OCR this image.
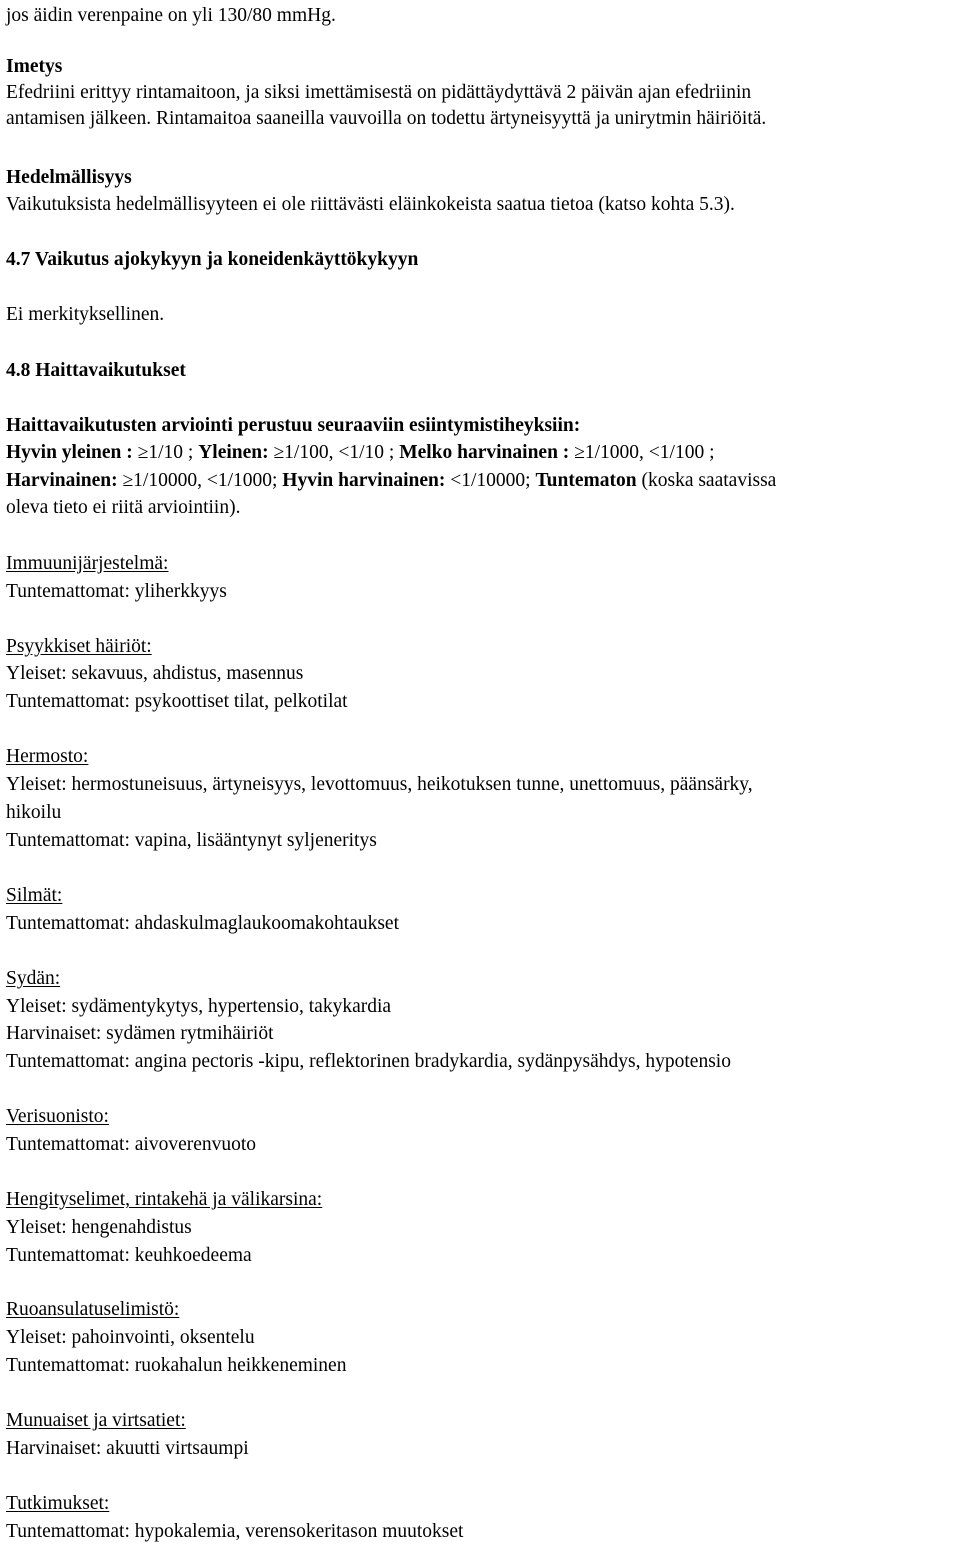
jos äidin verenpaine on yli 130/80 mmHg.
Imetys
Efedriini erittyy rintamaitoon, ja siksi imettämisestä on pidättäydyttävä 2 päivän ajan efedriinin
antamisen jälkeen. Rintamaitoa saaneilla vauvoilla on todettu ärtyneisyyttä ja unirytmin häiriöitä.
Hedelmällisyys
Vaikutuksista hedelmällisyyteen ei ole riittävästi eläinkokeista saatua tietoa (katso kohta 5.3).
4.7 Vaikutus ajokykyyn ja koneidenkäyttökykyyn
Ei merkityksellinen.
4.8 Haittavaikutukset
Haittavaikutusten arviointi perustuu seuraaviin esiintymistiheyksiin:
Hyvin yleinen : ≥1/10 ; Yleinen: ≥1/100, <1/10 ; Melko harvinainen : ≥1/1000, <1/100 ;
Harvinainen: ≥1/10000, <1/1000; Hyvin harvinainen: <1/10000; Tuntematon (koska saatavissa
oleva tieto ei riitä arviointiin).
Immuunijärjestelmä:
Tuntemattomat: yliherkkyys
Psyykkiset häiriöt:
Yleiset: sekavuus, ahdistus, masennus
Tuntemattomat: psykoottiset tilat, pelkotilat
Hermosto:
Yleiset: hermostuneisuus, ärtyneisyys, levottomuus, heikotuksen tunne, unettomuus, päänsärky,
hikoilu
Tuntemattomat: vapina, lisääntynyt syljeneritys
Silmät:
Tuntemattomat: ahdaskulmaglaukoomakohtaukset
Sydän:
Yleiset: sydämentykytys, hypertensio, takykardia
Harvinaiset: sydämen rytmihäiriöt
Tuntemattomat: angina pectoris -kipu, reflektorinen bradykardia, sydänpysähdys, hypotensio
Verisuonisto:
Tuntemattomat: aivoverenvuoto
Hengityselimet, rintakehä ja välikarsina:
Yleiset: hengenahdistus
Tuntemattomat: keuhkoedeema
Ruoansulatuselimistö:
Yleiset: pahoinvointi, oksentelu
Tuntemattomat: ruokahalun heikkeneminen
Munuaiset ja virtsatiet:
Harvinaiset: akuutti virtsaumpi
Tutkimukset:
Tuntemattomat: hypokalemia, verensokeritason muutokset
